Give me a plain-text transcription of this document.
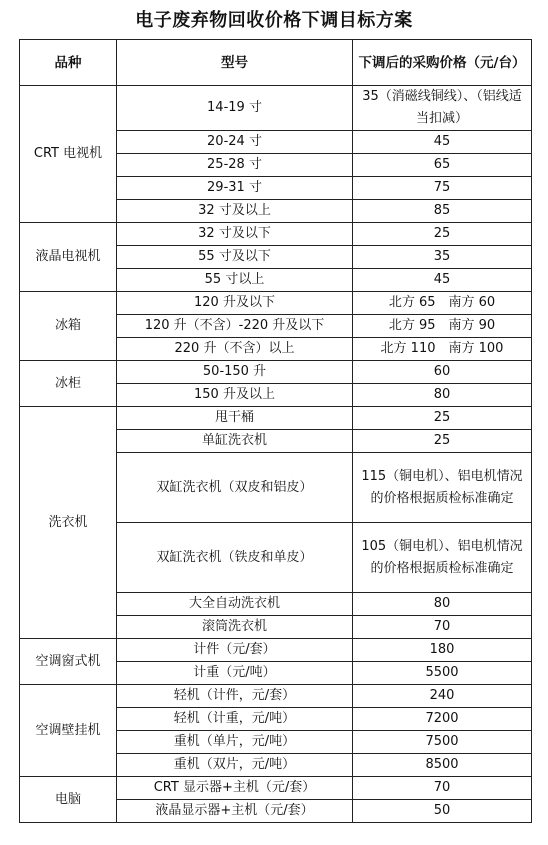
电子废弃物回收价格下调目标方案
品种	型号	下调后的采购价格（元/台）
CRT 电视机	14-19 寸	35（消磁线铜线）、（铝线适当扣减）
	20-24 寸	45
	25-28 寸	65
	29-31 寸	75
	32 寸及以上	85
液晶电视机	32 寸及以下	25
	55 寸及以下	35
	55 寸以上	45
冰箱	120 升及以下	北方 65　南方 60
	120 升（不含）-220 升及以下	北方 95　南方 90
	220 升（不含）以上	北方 110　南方 100
冰柜	50-150 升	60
	150 升及以上	80
洗衣机	甩干桶	25
	单缸洗衣机	25
	双缸洗衣机（双皮和铝皮）	115（铜电机）、铝电机情况的价格根据质检标准确定
	双缸洗衣机（铁皮和单皮）	105（铜电机）、铝电机情况的价格根据质检标准确定
	大全自动洗衣机	80
	滚筒洗衣机	70
空调窗式机	计件（元/套）	180
	计重（元/吨）	5500
空调壁挂机	轻机（计件，元/套）	240
	轻机（计重，元/吨）	7200
	重机（单片，元/吨）	7500
	重机（双片，元/吨）	8500
电脑	CRT 显示器+主机（元/套）	70
	液晶显示器+主机（元/套）	50
